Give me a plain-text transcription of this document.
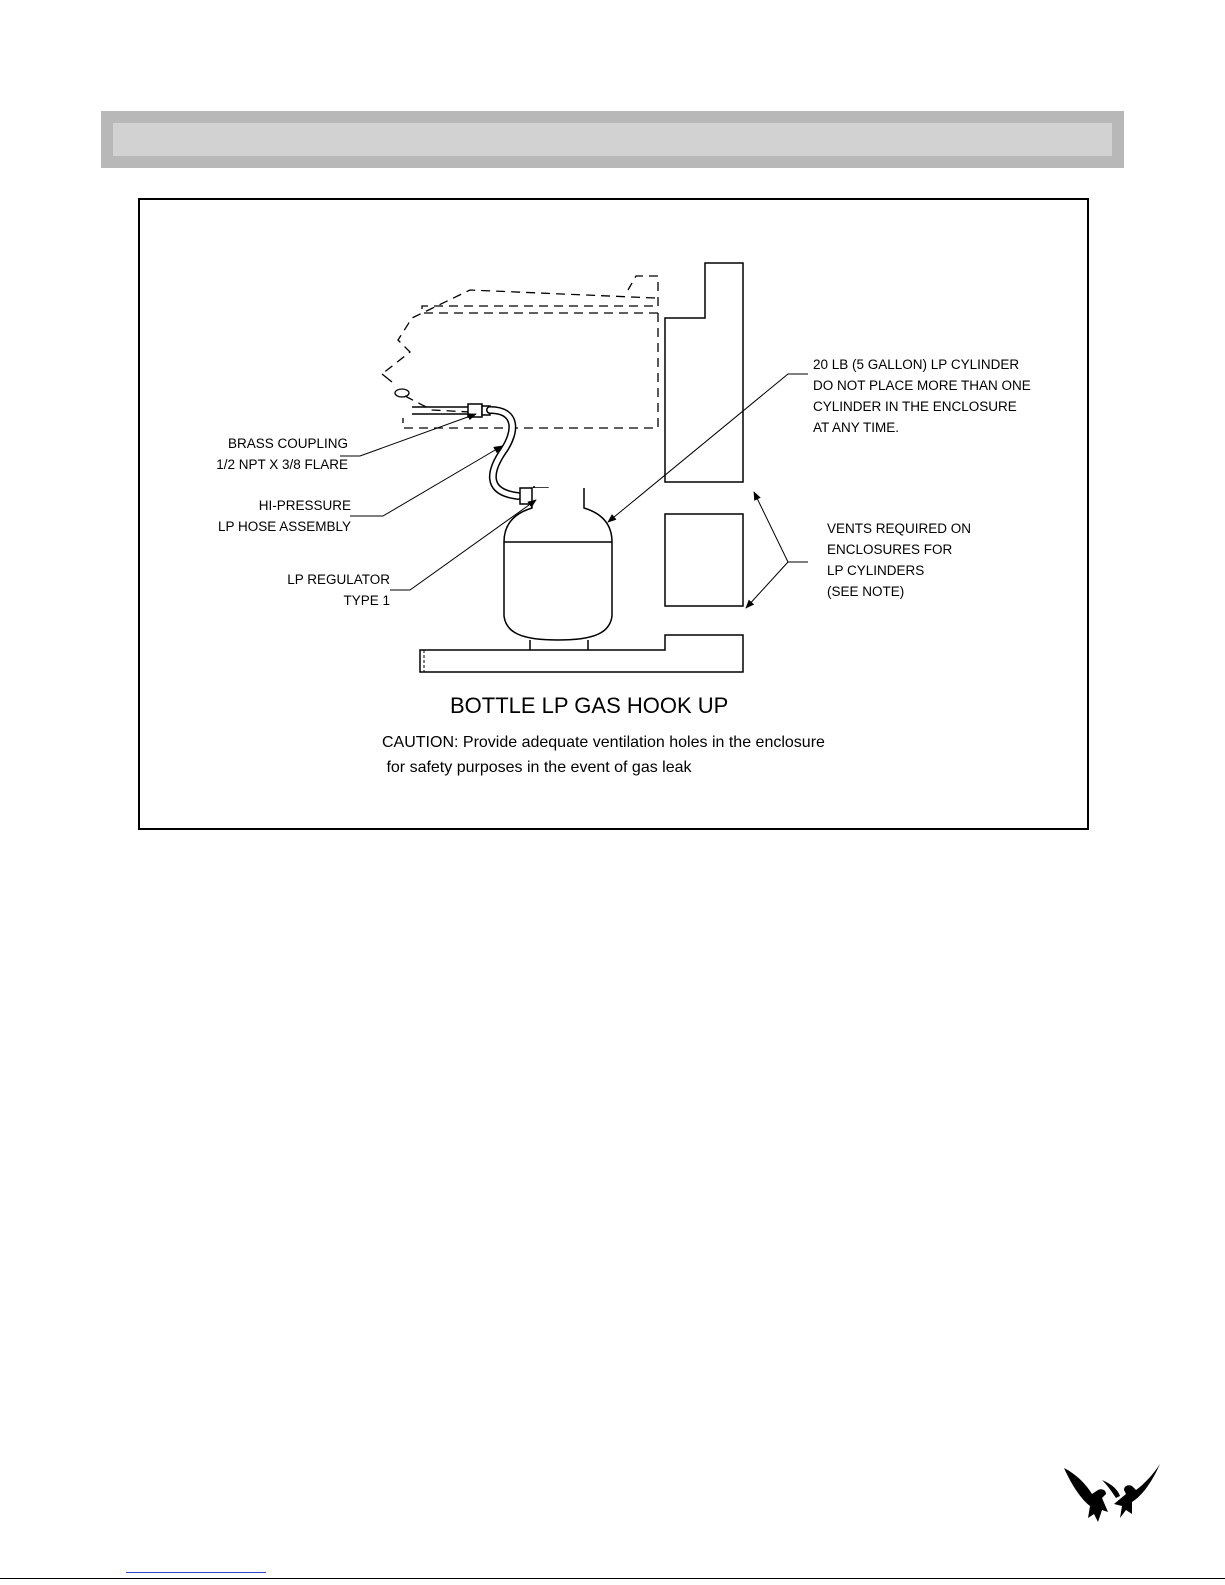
BRASS COUPLING
1/2 NPT X 3/8 FLARE
HI-PRESSURE
LP HOSE ASSEMBLY
LP REGULATOR
TYPE 1
20 LB (5 GALLON) LP CYLINDER
DO NOT PLACE MORE THAN ONE
CYLINDER IN THE ENCLOSURE
AT ANY TIME.
VENTS REQUIRED ON
ENCLOSURES FOR
LP CYLINDERS
(SEE NOTE)
BOTTLE LP GAS HOOK UP
CAUTION: Provide adequate ventilation holes in the enclosure
for safety purposes in the event of gas leak
